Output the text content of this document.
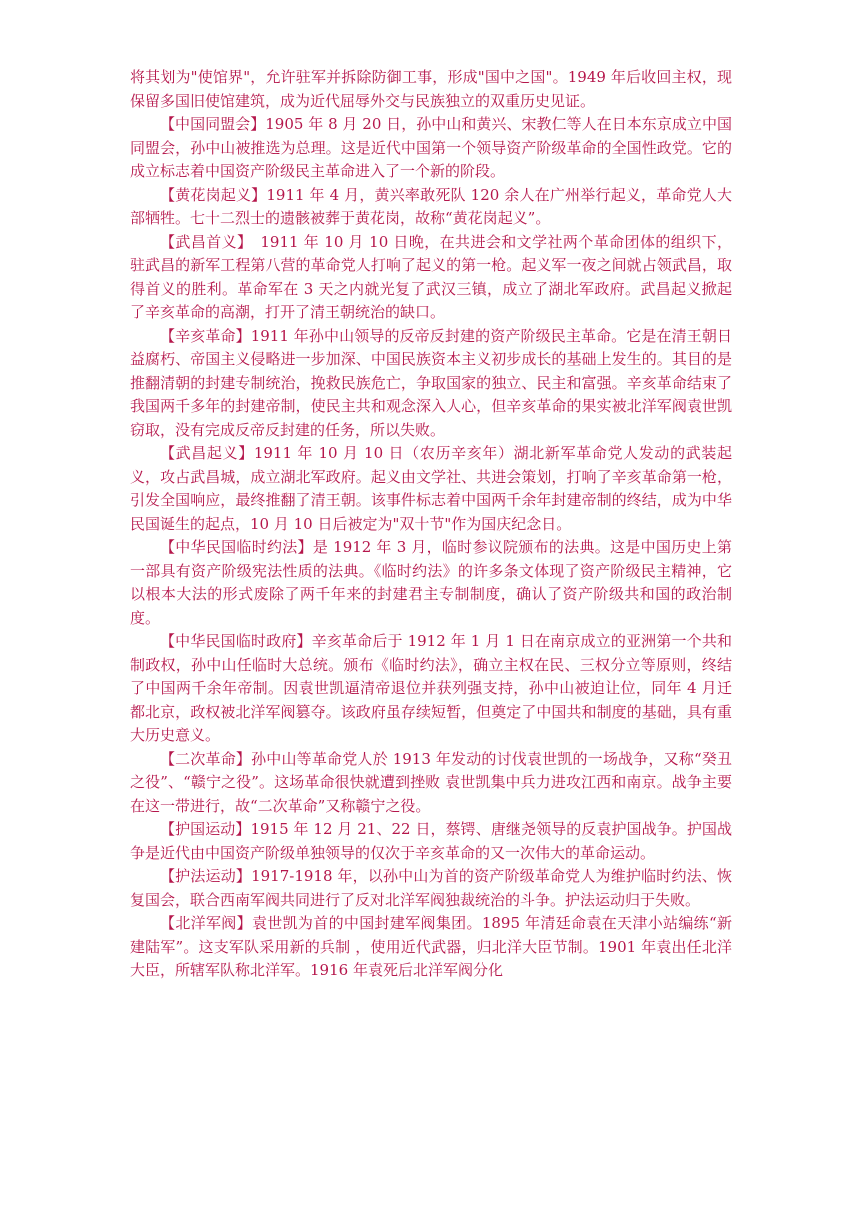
将其划为"使馆界"，允许驻军并拆除防御工事，形成"国中之国"。1949 年后收回主权，现保留多国旧使馆建筑，成为近代屈辱外交与民族独立的双重历史见证。

【中国同盟会】1905 年 8 月 20 日，孙中山和黄兴、宋教仁等人在日本东京成立中国同盟会，孙中山被推选为总理。这是近代中国第一个领导资产阶级革命的全国性政党。它的成立标志着中国资产阶级民主革命进入了一个新的阶段。

【黄花岗起义】1911 年 4 月，黄兴率敢死队 120 余人在广州举行起义，革命党人大部牺牲。七十二烈士的遗骸被葬于黄花岗，故称“黄花岗起义”。

【武昌首义】　1911 年 10 月 10 日晚，在共进会和文学社两个革命团体的组织下，驻武昌的新军工程第八营的革命党人打响了起义的第一枪。起义军一夜之间就占领武昌，取得首义的胜利。革命军在 3 天之内就光复了武汉三镇，成立了湖北军政府。武昌起义掀起了辛亥革命的高潮，打开了清王朝统治的缺口。

【辛亥革命】1911 年孙中山领导的反帝反封建的资产阶级民主革命。它是在清王朝日益腐朽、帝国主义侵略进一步加深、中国民族资本主义初步成长的基础上发生的。其目的是推翻清朝的封建专制统治，挽救民族危亡，争取国家的独立、民主和富强。辛亥革命结束了我国两千多年的封建帝制，使民主共和观念深入人心，但辛亥革命的果实被北洋军阀袁世凯窃取，没有完成反帝反封建的任务，所以失败。

【武昌起义】1911 年 10 月 10 日（农历辛亥年）湖北新军革命党人发动的武装起义，攻占武昌城，成立湖北军政府。起义由文学社、共进会策划，打响了辛亥革命第一枪，引发全国响应，最终推翻了清王朝。该事件标志着中国两千余年封建帝制的终结，成为中华民国诞生的起点，10 月 10 日后被定为"双十节"作为国庆纪念日。

【中华民国临时约法】是 1912 年 3 月，临时参议院颁布的法典。这是中国历史上第一部具有资产阶级宪法性质的法典。《临时约法》的许多条文体现了资产阶级民主精神，它以根本大法的形式废除了两千年来的封建君主专制制度，确认了资产阶级共和国的政治制度。

【中华民国临时政府】辛亥革命后于 1912 年 1 月 1 日在南京成立的亚洲第一个共和制政权，孙中山任临时大总统。颁布《临时约法》，确立主权在民、三权分立等原则，终结了中国两千余年帝制。因袁世凯逼清帝退位并获列强支持，孙中山被迫让位，同年 4 月迁都北京，政权被北洋军阀篡夺。该政府虽存续短暂，但奠定了中国共和制度的基础，具有重大历史意义。

【二次革命】孙中山等革命党人於 1913 年发动的讨伐袁世凯的一场战争，又称“癸丑之役”、“赣宁之役”。这场革命很快就遭到挫败 袁世凯集中兵力进攻江西和南京。战争主要在这一带进行，故“二次革命”又称赣宁之役。

【护国运动】1915 年 12 月 21、22 日，蔡锷、唐继尧领导的反袁护国战争。护国战争是近代由中国资产阶级单独领导的仅次于辛亥革命的又一次伟大的革命运动。

【护法运动】1917-1918 年，以孙中山为首的资产阶级革命党人为维护临时约法、恢复国会，联合西南军阀共同进行了反对北洋军阀独裁统治的斗争。护法运动归于失败。

【北洋军阀】袁世凯为首的中国封建军阀集团。1895 年清廷命袁在天津小站编练“新建陆军”。这支军队采用新的兵制 ，使用近代武器，归北洋大臣节制。1901 年袁出任北洋大臣，所辖军队称北洋军。1916 年袁死后北洋军阀分化
